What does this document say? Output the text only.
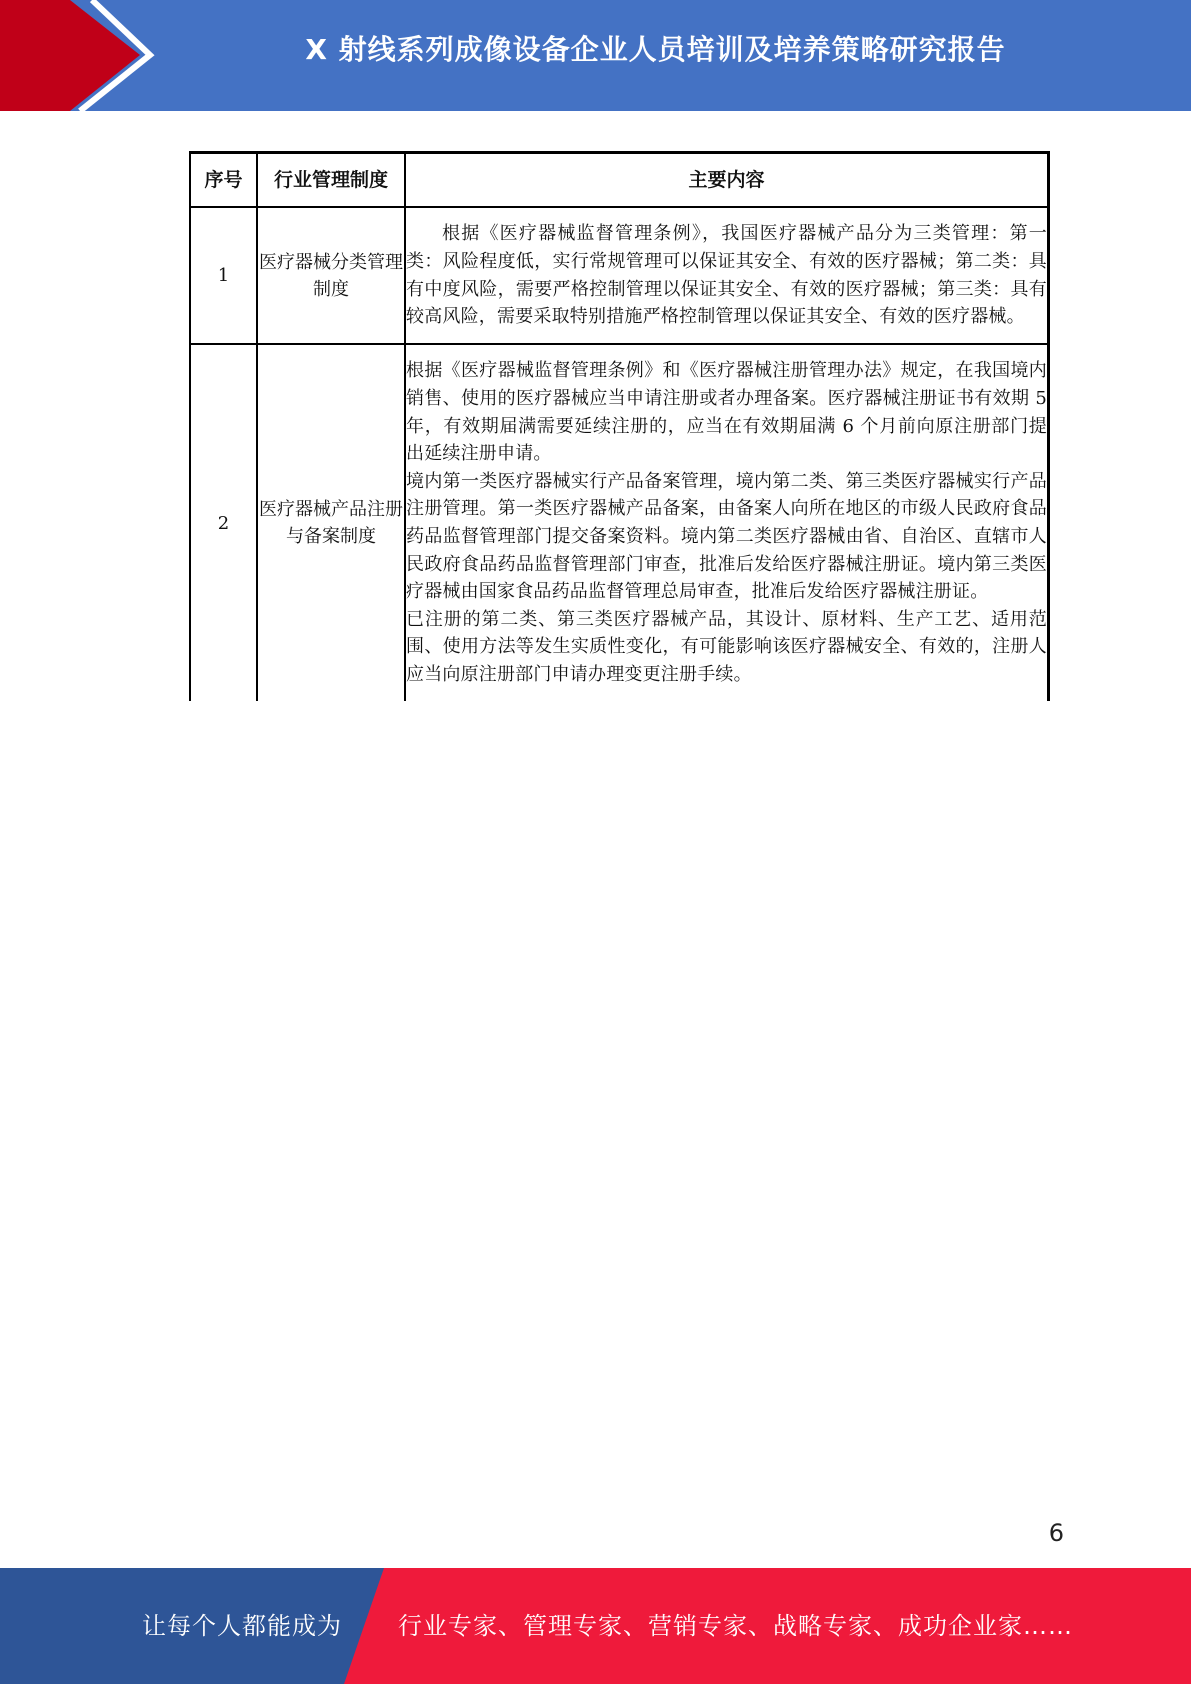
X 射线系列成像设备企业人员培训及培养策略研究报告
序号	行业管理制度	主要内容
1	医疗器械分类管理制度	根据《医疗器械监督管理条例》，我国医疗器械产品分为三类管理：第一类：风险程度低，实行常规管理可以保证其安全、有效的医疗器械；第二类：具有中度风险，需要严格控制管理以保证其安全、有效的医疗器械；第三类：具有较高风险，需要采取特别措施严格控制管理以保证其安全、有效的医疗器械。

2	医疗器械产品注册与备案制度	根据《医疗器械监督管理条例》和《医疗器械注册管理办法》规定，在我国境内销售、使用的医疗器械应当申请注册或者办理备案。医疗器械注册证书有效期 5 年，有效期届满需要延续注册的，应当在有效期届满 6 个月前向原注册部门提出延续注册申请。

境内第一类医疗器械实行产品备案管理，境内第二类、第三类医疗器械实行产品注册管理。第一类医疗器械产品备案，由备案人向所在地区的市级人民政府食品药品监督管理部门提交备案资料。境内第二类医疗器械由省、自治区、直辖市人民政府食品药品监督管理部门审查，批准后发给医疗器械注册证。境内第三类医疗器械由国家食品药品监督管理总局审查，批准后发给医疗器械注册证。

已注册的第二类、第三类医疗器械产品，其设计、原材料、生产工艺、适用范围、使用方法等发生实质性变化，有可能影响该医疗器械安全、有效的，注册人应当向原注册部门申请办理变更注册手续。

6
让每个人都能成为 行业专家、管理专家、营销专家、战略专家、成功企业家……
